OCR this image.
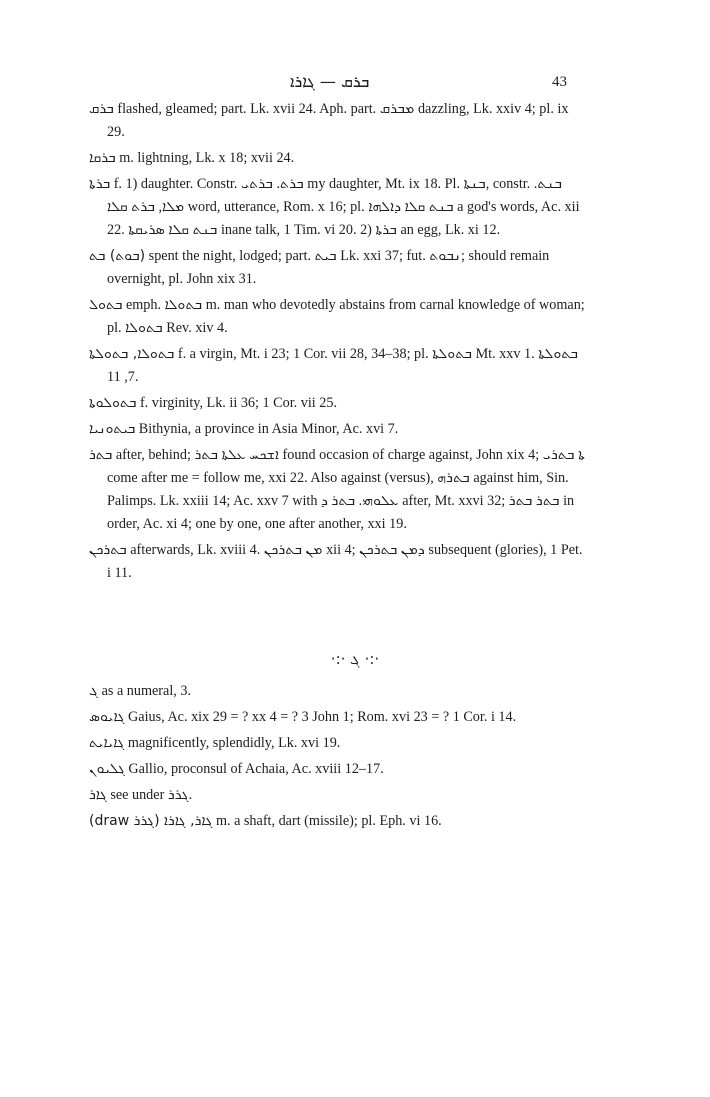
ܒܪܩ — ܓܐܪܐ	43
ܒܪܩ flashed, gleamed; part. Lk. xvii 24. Aph. part. ܡܒܪܩ dazzling, Lk. xxiv 4; pl. ix 29.
ܒܪܩܐ m. lightning, Lk. x 18; xvii 24.
ܒܪܬܐ f. 1) daughter. Constr. ܒܪܬ. ܒܪܬܝ my daughter, Mt. ix 18. Pl. ܒܢܬܐ, constr. ܒܢܬ. ܡܠܐ, ܒܪܬ ܩܠܐ word, utterance, Rom. x 16; pl. ܒܢܬ ܩܠܐ ܕܐܠܗܐ a god's words, Ac. xii 22. ܒܢܬ ܩܠܐ ܣܪܝܩܬܐ inane talk, 1 Tim. vi 20. 2) ܒܪܬܐ an egg, Lk. xi 12.
(ܒܘܬ) ܒܬ spent the night, lodged; part. ܒܝܬ Lk. xxi 37; fut. ܢܒܘܬ; should remain overnight, pl. John xix 31.
ܒܬܘܠ emph. ܒܬܘܠܐ m. man who devotedly abstains from carnal knowledge of woman; pl. ܒܬܘܠܐ Rev. xiv 4.
ܒܬܘܠܐ, ܒܬܘܠܬܐ f. a virgin, Mt. i 23; 1 Cor. vii 28, 34–38; pl. ܒܬܘܠܬܐ Mt. xxv 1. ܒܬܘܠܬܐ 7, 11.
ܒܬܘܠܘܬܐ f. virginity, Lk. ii 36; 1 Cor. vii 25.
ܒܝܬܘܢܝܐ Bithynia, a province in Asia Minor, Ac. xvi 7.
ܒܬܪ after, behind; ܐܫܟܚ ܥܠܬܐ ܒܬܪ found occasion of charge against, John xix 4; ܬܐ ܒܬܪܝ come after me = follow me, xxi 22. Also against (versus), ܒܬܪܗ against him, Sin. Palimps. Lk. xxiii 14; Ac. xxv 7 with ܥܠܘܗܝ. ܒܬܪ ܕ after, Mt. xxvi 32; ܒܬܪ ܒܬܪ in order, Ac. xi 4; one by one, one after another, xxi 19.
ܒܬܪܟܢ afterwards, Lk. xviii 4. ܡܢ ܒܬܪܟܢ xii 4; ܕܡܢ ܒܬܪܟܢ subsequent (glories), 1 Pet. i 11.
·:· ܓ ·:·
ܓ as a numeral, 3.
ܓܐܝܘܣ Gaius, Ac. xix 29 = ? xx 4 = ? 3 John 1; Rom. xvi 23 = ? 1 Cor. i 14.
ܓܐܝܐܝܬ magnificently, splendidly, Lk. xvi 19.
ܓܠܝܘܢ Gallio, proconsul of Achaia, Ac. xviii 12–17.
ܓܐܪ see under ܓܪܪ.
ܓܐܪ, ܓܐܪܐ (ܓܪܪ draw) m. a shaft, dart (missile); pl. Eph. vi 16.
